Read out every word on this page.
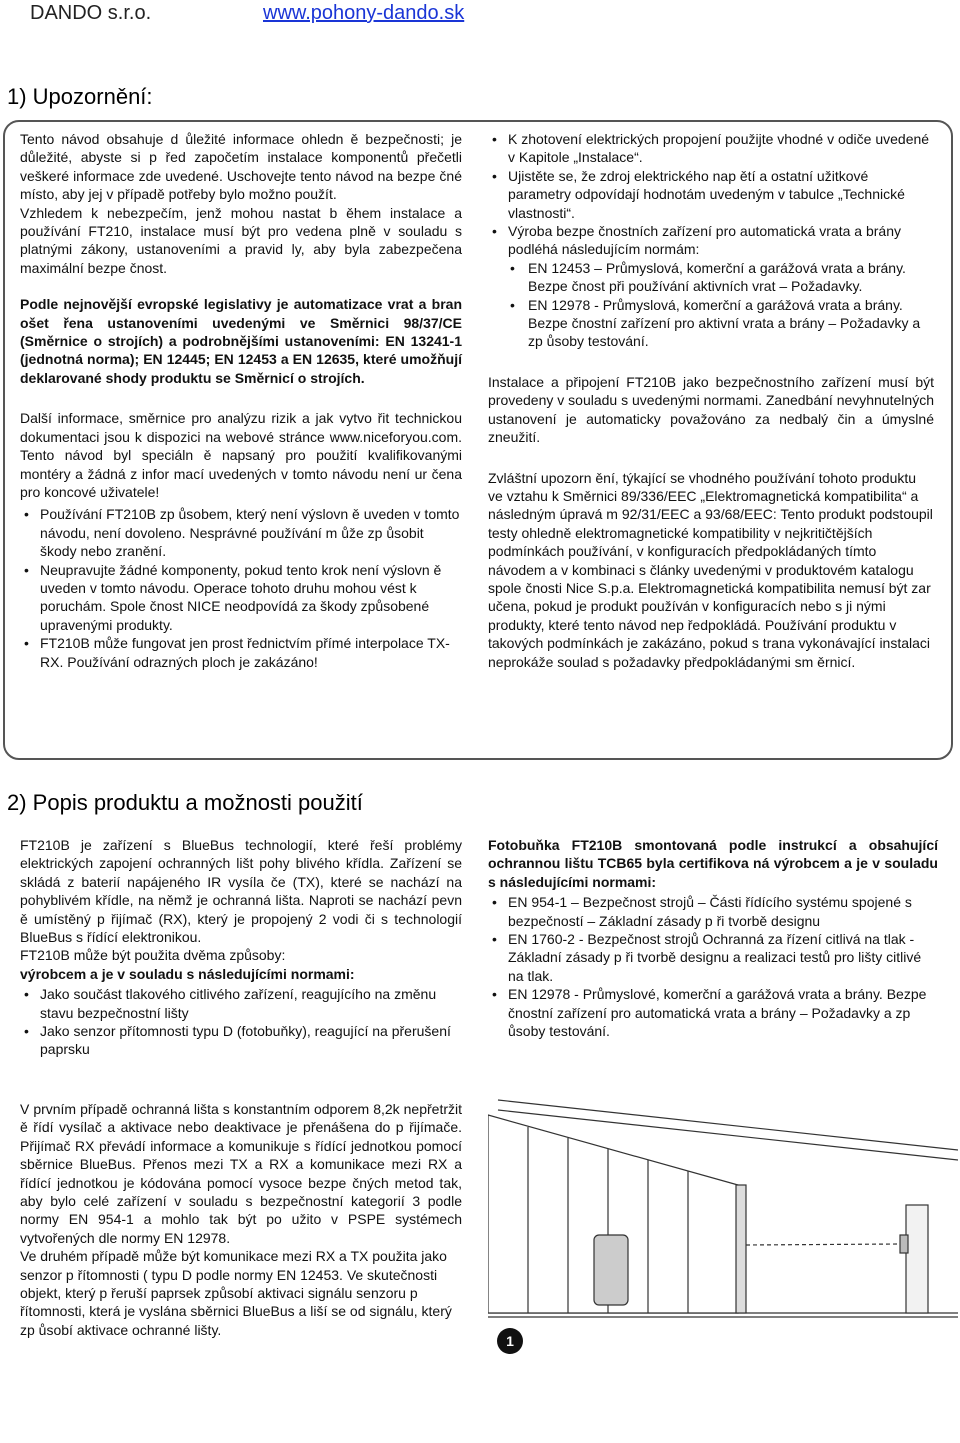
DANDO s.r.o.	www.pohony-dando.sk
1) Upozornění:

Tento návod obsahuje d ůležité informace ohledn ě bezpečnosti; je důležité, abyste si p řed započetím instalace komponentů přečetli veškeré informace zde uvedené. Uschovejte tento návod na bezpe čné místo, aby jej v případě potřeby bylo možno použít.

Vzhledem k nebezpečím, jenž mohou nastat b ěhem instalace a používání FT210, instalace musí být pro vedena plně v souladu s platnými zákony, ustanoveními a pravid ly, aby byla zabezpečena maximální bezpe čnost.

Podle nejnovější evropské legislativy je automatizace vrat a bran ošet řena ustanoveními uvedenými ve Směrnici 98/37/CE (Směrnice o strojích) a podrobnějšími ustanoveními: EN 13241-1 (jednotná norma); EN 12445; EN 12453 a EN 12635, které umožňují deklarované shody produktu se Směrnicí o strojích.

Další informace, směrnice pro analýzu rizik a jak vytvo řit technickou dokumentaci jsou k dispozici na webové stránce www.niceforyou.com. Tento návod byl speciáln ě napsaný pro použití kvalifikovanými montéry a žádná z infor mací uvedených v tomto návodu není ur čena pro koncové uživatele!

• Používání FT210B zp ůsobem, který není výslovn ě uveden v tomto návodu, není dovoleno. Nesprávné používání m ůže zp ůsobit škody nebo zranění.
• Neupravujte žádné komponenty, pokud tento krok není výslovn ě uveden v tomto návodu. Operace tohoto druhu mohou vést k poruchám. Spole čnost NICE neodpovídá za škody způsobené upravenými produkty.
• FT210B může fungovat jen prost řednictvím přímé interpolace TX-RX. Používání odrazných ploch je zakázáno!
• K zhotovení elektrických propojení použijte vhodné v odiče uvedené v Kapitole „Instalace“.
• Ujistěte se, že zdroj elektrického nap ětí a ostatní užitkové parametry odpovídají hodnotám uvedeným v tabulce „Technické vlastnosti“.
• Výroba bezpe čnostních zařízení pro automatická vrata a brány podléhá následujícím normám:
• EN 12453 – Průmyslová, komerční a garážová vrata a brány. Bezpe čnost při používání aktivních vrat – Požadavky.
• EN 12978 - Průmyslová, komerční a garážová vrata a brány. Bezpe čnostní zařízení pro aktivní vrata a brány – Požadavky a zp ůsoby testování.

Instalace a připojení FT210B jako bezpečnostního zařízení musí být provedeny v souladu s uvedenými normami. Zanedbání nevyhnutelných ustanovení je automaticky považováno za nedbalý čin a úmyslné zneužití.

Zvláštní upozorn ění, týkající se vhodného používání tohoto produktu ve vztahu k Směrnici 89/336/EEC „Elektromagnetická kompatibilita“ a následným úpravá m 92/31/EEC a 93/68/EEC: Tento produkt podstoupil testy ohledně elektromagnetické kompatibility v nejkritičtějších podmínkách používání, v konfiguracích předpokládaných tímto návodem a v kombinaci s články uvedenými v produktovém katalogu spole čnosti Nice S.p.a. Elektromagnetická kompatibilita nemusí být zar učena, pokud je produkt používán v konfiguracích nebo s ji nými produkty, které tento návod nep ředpokládá. Používání produktu v takových podmínkách je zakázáno, pokud s trana vykonávající instalaci neprokáže soulad s požadavky předpokládanými sm ěrnicí.

2) Popis produktu a možnosti použití

FT210B je zařízení s BlueBus technologií, které řeší problémy elektrických zapojení ochranných lišt pohy blivého křídla. Zařízení se skládá z baterií napájeného IR vysíla če (TX), které se nachází na pohyblivém křídle, na němž je ochranná lišta. Naproti se nachází pevn ě umístěný p řijímač (RX), který je propojený 2 vodi či s technologií BlueBus s řídící elektronikou.

FT210B může být použita dvěma způsoby:

výrobcem a je v souladu s následujícími normami:

• Jako součást tlakového citlivého zařízení, reagujícího na změnu stavu bezpečnostní lišty
• Jako senzor přítomnosti typu D (fotobuňky), reagující na přerušení paprsku

Fotobuňka FT210B smontovaná podle instrukcí a obsahující ochrannou lištu TCB65 byla certifikova ná výrobcem a je v souladu s následujícími normami:

• EN 954-1 – Bezpečnost strojů – Části řídícího systému spojené s bezpečností – Základní zásady p ři tvorbě designu
• EN 1760-2 - Bezpečnost strojů Ochranná za řízení citlivá na tlak - Základní zásady p ři tvorbě designu a realizaci testů pro lišty citlivé na tlak.
• EN 12978 - Průmyslové, komerční a garážová vrata a brány. Bezpe čnostní zařízení pro automatická vrata a brány – Požadavky a zp ůsoby testování.

V prvním případě ochranná lišta s konstantním odporem 8,2k nepřetržit ě řídí vysílač a aktivace nebo deaktivace je přenášena do p řijímače. Přijímač RX převádí informace a komunikuje s řídící jednotkou pomocí sběrnice BlueBus. Přenos mezi TX a RX a komunikace mezi RX a řídící jednotkou je kódována pomocí vysoce bezpe čných metod tak, aby bylo celé zařízení v souladu s bezpečnostní kategorií 3 podle normy EN 954-1 a mohlo tak být po užito v PSPE systémech vytvořených dle normy EN 12978.

Ve druhém případě může být komunikace mezi RX a TX použita jako senzor p řítomnosti ( typu D podle normy EN 12453. Ve skutečnosti objekt, který p řeruší paprsek způsobí aktivaci signálu senzoru p řítomnosti, která je vyslána sběrnici BlueBus a liší se od signálu, který zp ůsobí aktivace ochranné lišty.

1
